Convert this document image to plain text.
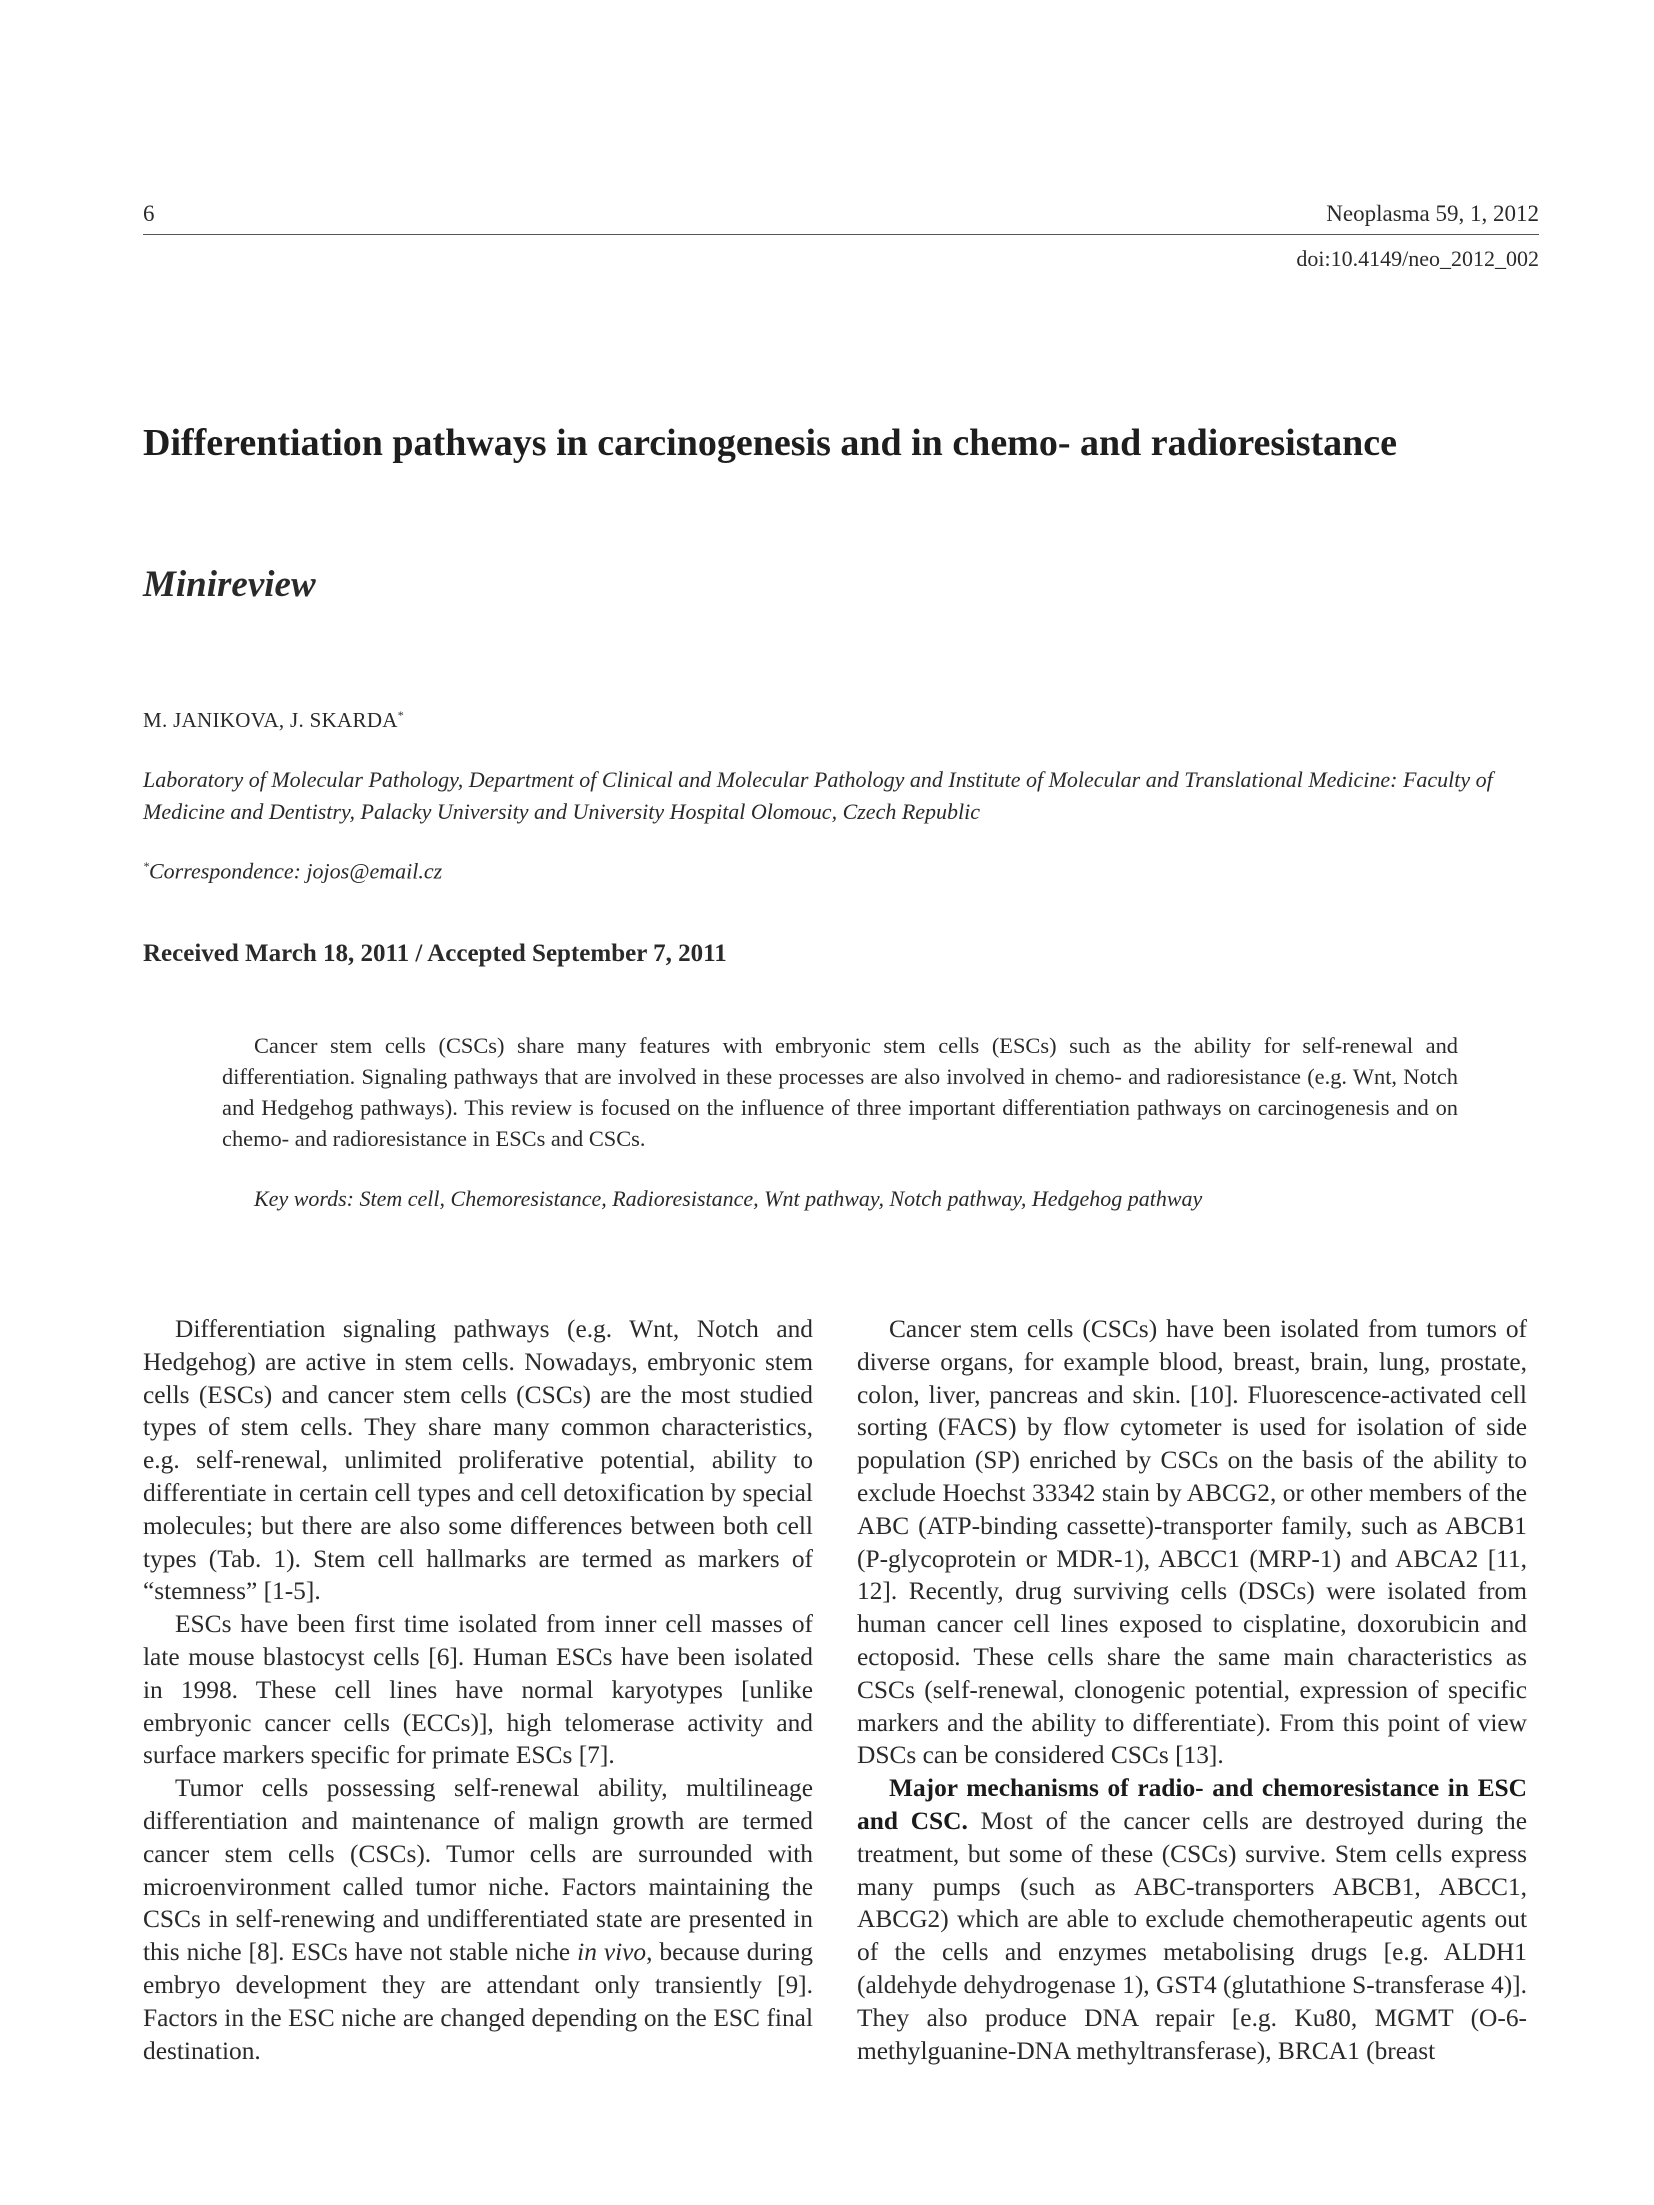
6	Neoplasma 59, 1, 2012
doi:10.4149/neo_2012_002
Differentiation pathways in carcinogenesis and in chemo- and radioresistance
Minireview
M. JANIKOVA, J. SKARDA*
Laboratory of Molecular Pathology, Department of Clinical and Molecular Pathology and Institute of Molecular and Translational Medicine: Faculty of Medicine and Dentistry, Palacky University and University Hospital Olomouc, Czech Republic
*Correspondence: jojos@email.cz
Received March 18, 2011 / Accepted September 7, 2011

Cancer stem cells (CSCs) share many features with embryonic stem cells (ESCs) such as the ability for self-renewal and differentiation. Signaling pathways that are involved in these processes are also involved in chemo- and radioresistance (e.g. Wnt, Notch and Hedgehog pathways). This review is focused on the influence of three important differentiation pathways on carcinogenesis and on chemo- and radioresistance in ESCs and CSCs.

Key words: Stem cell, Chemoresistance, Radioresistance, Wnt pathway, Notch pathway, Hedgehog pathway

Differentiation signaling pathways (e.g. Wnt, Notch and Hedgehog) are active in stem cells. Nowadays, embryonic stem cells (ESCs) and cancer stem cells (CSCs) are the most studied types of stem cells. They share many common characteristics, e.g. self-renewal, unlimited proliferative potential, ability to differentiate in certain cell types and cell detoxification by special molecules; but there are also some differences between both cell types (Tab. 1). Stem cell hallmarks are termed as markers of “stemness” [1-5].

ESCs have been first time isolated from inner cell masses of late mouse blastocyst cells [6]. Human ESCs have been isolated in 1998. These cell lines have normal karyotypes [unlike embryonic cancer cells (ECCs)], high telomerase activity and surface markers specific for primate ESCs [7].

Tumor cells possessing self-renewal ability, multilineage differentiation and maintenance of malign growth are termed cancer stem cells (CSCs). Tumor cells are surrounded with microenvironment called tumor niche. Factors maintaining the CSCs in self-renewing and undifferentiated state are presented in this niche [8]. ESCs have not stable niche in vivo, because during embryo development they are attendant only transiently [9]. Factors in the ESC niche are changed depending on the ESC final destination.

Cancer stem cells (CSCs) have been isolated from tumors of diverse organs, for example blood, breast, brain, lung, prostate, colon, liver, pancreas and skin. [10]. Fluorescence-activated cell sorting (FACS) by flow cytometer is used for isolation of side population (SP) enriched by CSCs on the basis of the ability to exclude Hoechst 33342 stain by ABCG2, or other members of the ABC (ATP-binding cassette)-transporter family, such as ABCB1 (P-glycoprotein or MDR-1), ABCC1 (MRP-1) and ABCA2 [11, 12]. Recently, drug surviving cells (DSCs) were isolated from human cancer cell lines exposed to cisplatine, doxorubicin and ectoposid. These cells share the same main characteristics as CSCs (self-renewal, clonogenic potential, expression of specific markers and the ability to differentiate). From this point of view DSCs can be considered CSCs [13].

Major mechanisms of radio- and chemoresistance in ESC and CSC. Most of the cancer cells are destroyed during the treatment, but some of these (CSCs) survive. Stem cells express many pumps (such as ABC-transporters ABCB1, ABCC1, ABCG2) which are able to exclude chemotherapeutic agents out of the cells and enzymes metabolising drugs [e.g. ALDH1 (aldehyde dehydrogenase 1), GST4 (glutathione S-transferase 4)]. They also produce DNA repair [e.g. Ku80, MGMT (O-6-methylguanine-DNA methyltransferase), BRCA1 (breast
